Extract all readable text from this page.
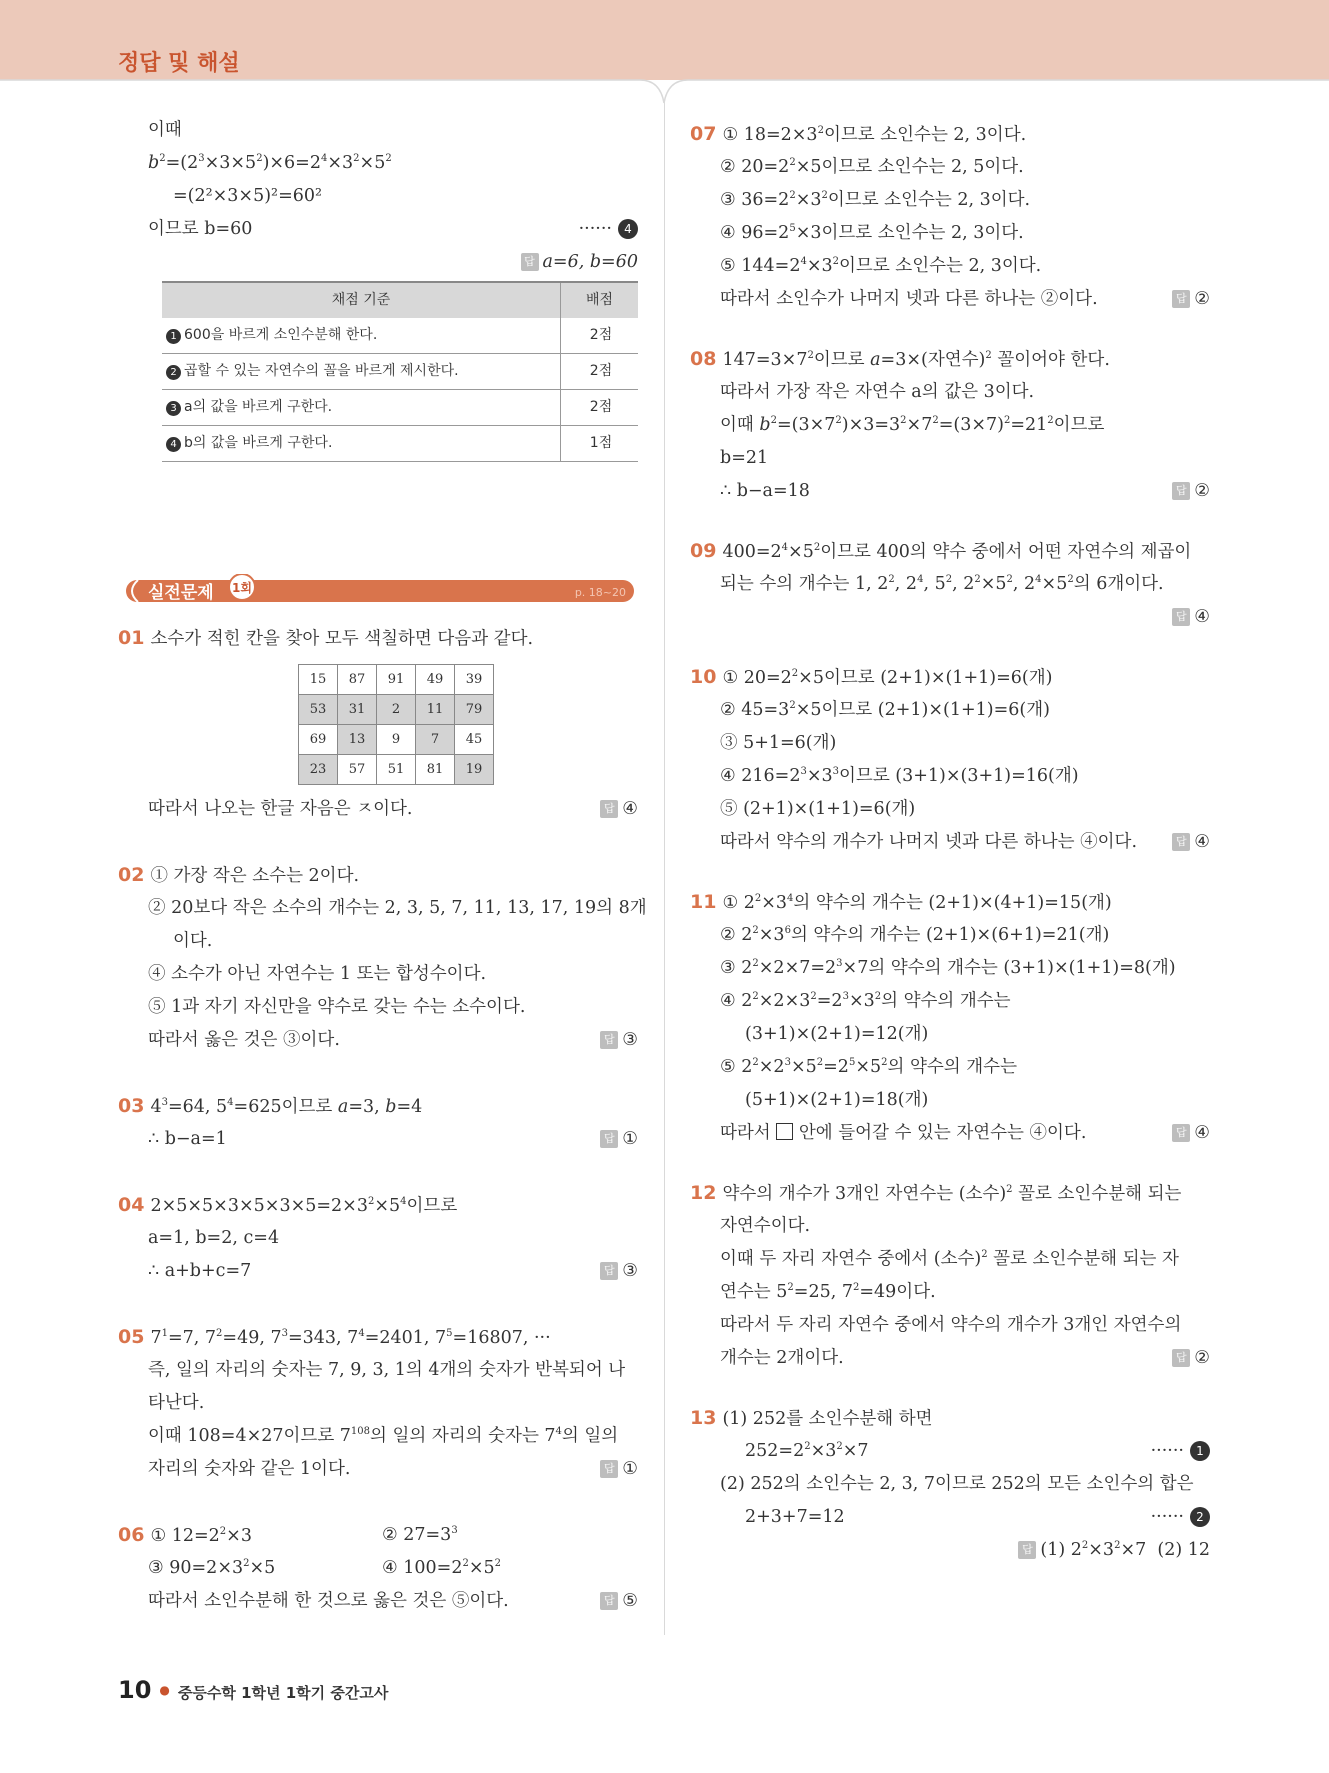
정답 및 해설
이때
$b^2=(2^3\times 3\times 5^2)\times 6=2^4\times 3^2\times 5^2$
=(2²×3×5)²=60²
이므로 b=60	······ 4
답 a=6, b=60
채점 기준	배점
1 600을 바르게 소인수분해 한다.	2점
2 곱할 수 있는 자연수의 꼴을 바르게 제시한다.	2점
3 a의 값을 바르게 구한다.	2점
4 b의 값을 바르게 구한다.	1점
실전문제 1회	p. 18~20
01 소수가 적힌 칸을 찾아 모두 색칠하면 다음과 같다.
15	87	91	49	39
53	31	2	11	79
69	13	9	7	45
23	57	51	81	19
따라서 나오는 한글 자음은 ㅈ이다.	답 ④
02 ① 가장 작은 소수는 2이다.
② 20보다 작은 소수의 개수는 2, 3, 5, 7, 11, 13, 17, 19의 8개
이다.
④ 소수가 아닌 자연수는 1 또는 합성수이다.
⑤ 1과 자기 자신만을 약수로 갖는 수는 소수이다.
따라서 옳은 것은 ③이다.	답 ③
03 $4^3=64$, $5^4=625$이므로 a=3, b=4
∴ b−a=1	답 ①
04 $2\times 5\times 5\times 3\times 5\times 3\times 5=2\times 3^2\times 5^4$이므로
a=1, b=2, c=4
∴ a+b+c=7	답 ③
05 $7^1=7$, $7^2=49$, $7^3=343$, $7^4=2401$, $7^5=16807$, ···
즉, 일의 자리의 숫자는 7, 9, 3, 1의 4개의 숫자가 반복되어 나
타난다.
이때 108=4×27이므로 $7^{108}$의 일의 자리의 숫자는 $7^4$의 일의
자리의 숫자와 같은 1이다.	답 ①
06 ① $12=2^2\times 3$	② $27=3^3$
③ $90=2\times 3^2\times 5$	④ $100=2^2\times 5^2$
따라서 소인수분해 한 것으로 옳은 것은 ⑤이다.	답 ⑤
07 ① $18=2\times 3^2$이므로 소인수는 2, 3이다.
② $20=2^2\times 5$이므로 소인수는 2, 5이다.
③ $36=2^2\times 3^2$이므로 소인수는 2, 3이다.
④ $96=2^5\times 3$이므로 소인수는 2, 3이다.
⑤ $144=2^4\times 3^2$이므로 소인수는 2, 3이다.
따라서 소인수가 나머지 넷과 다른 하나는 ②이다.	답 ②
08 $147=3\times 7^2$이므로 a=3×(자연수)$^2$ 꼴이어야 한다.
따라서 가장 작은 자연수 a의 값은 3이다.
이때 $b^2=(3\times 7^2)\times 3=3^2\times 7^2=(3\times 7)^2=21^2$이므로
b=21
∴ b−a=18	답 ②
09 $400=2^4\times 5^2$이므로 400의 약수 중에서 어떤 자연수의 제곱이
되는 수의 개수는 1, $2^2$, $2^4$, $5^2$, $2^2\times 5^2$, $2^4\times 5^2$의 6개이다.
답 ④
10 ① $20=2^2\times 5$이므로 (2+1)×(1+1)=6(개)
② $45=3^2\times 5$이므로 (2+1)×(1+1)=6(개)
③ 5+1=6(개)
④ $216=2^3\times 3^3$이므로 (3+1)×(3+1)=16(개)
⑤ (2+1)×(1+1)=6(개)
따라서 약수의 개수가 나머지 넷과 다른 하나는 ④이다.	답 ④
11 ① $2^2\times 3^4$의 약수의 개수는 (2+1)×(4+1)=15(개)
② $2^2\times 3^6$의 약수의 개수는 (2+1)×(6+1)=21(개)
③ $2^2\times 2\times 7=2^3\times 7$의 약수의 개수는 (3+1)×(1+1)=8(개)
④ $2^2\times 2\times 3^2=2^3\times 3^2$의 약수의 개수는
(3+1)×(2+1)=12(개)
⑤ $2^2\times 2^3\times 5^2=2^5\times 5^2$의 약수의 개수는
(5+1)×(2+1)=18(개)
따라서  안에 들어갈 수 있는 자연수는 ④이다.	답 ④
12 약수의 개수가 3개인 자연수는 (소수)$^2$ 꼴로 소인수분해 되는
자연수이다.
이때 두 자리 자연수 중에서 (소수)$^2$ 꼴로 소인수분해 되는 자
연수는 $5^2=25$, $7^2=49$이다.
따라서 두 자리 자연수 중에서 약수의 개수가 3개인 자연수의
개수는 2개이다.	답 ②
13 (1) 252를 소인수분해 하면
$252=2^2\times 3^2\times 7$	······ 1
(2) 252의 소인수는 2, 3, 7이므로 252의 모든 소인수의 합은
2+3+7=12	······ 2
답 (1) $2^2\times 3^2\times 7$  (2) 12
10 ● 중등수학 1학년 1학기 중간고사
